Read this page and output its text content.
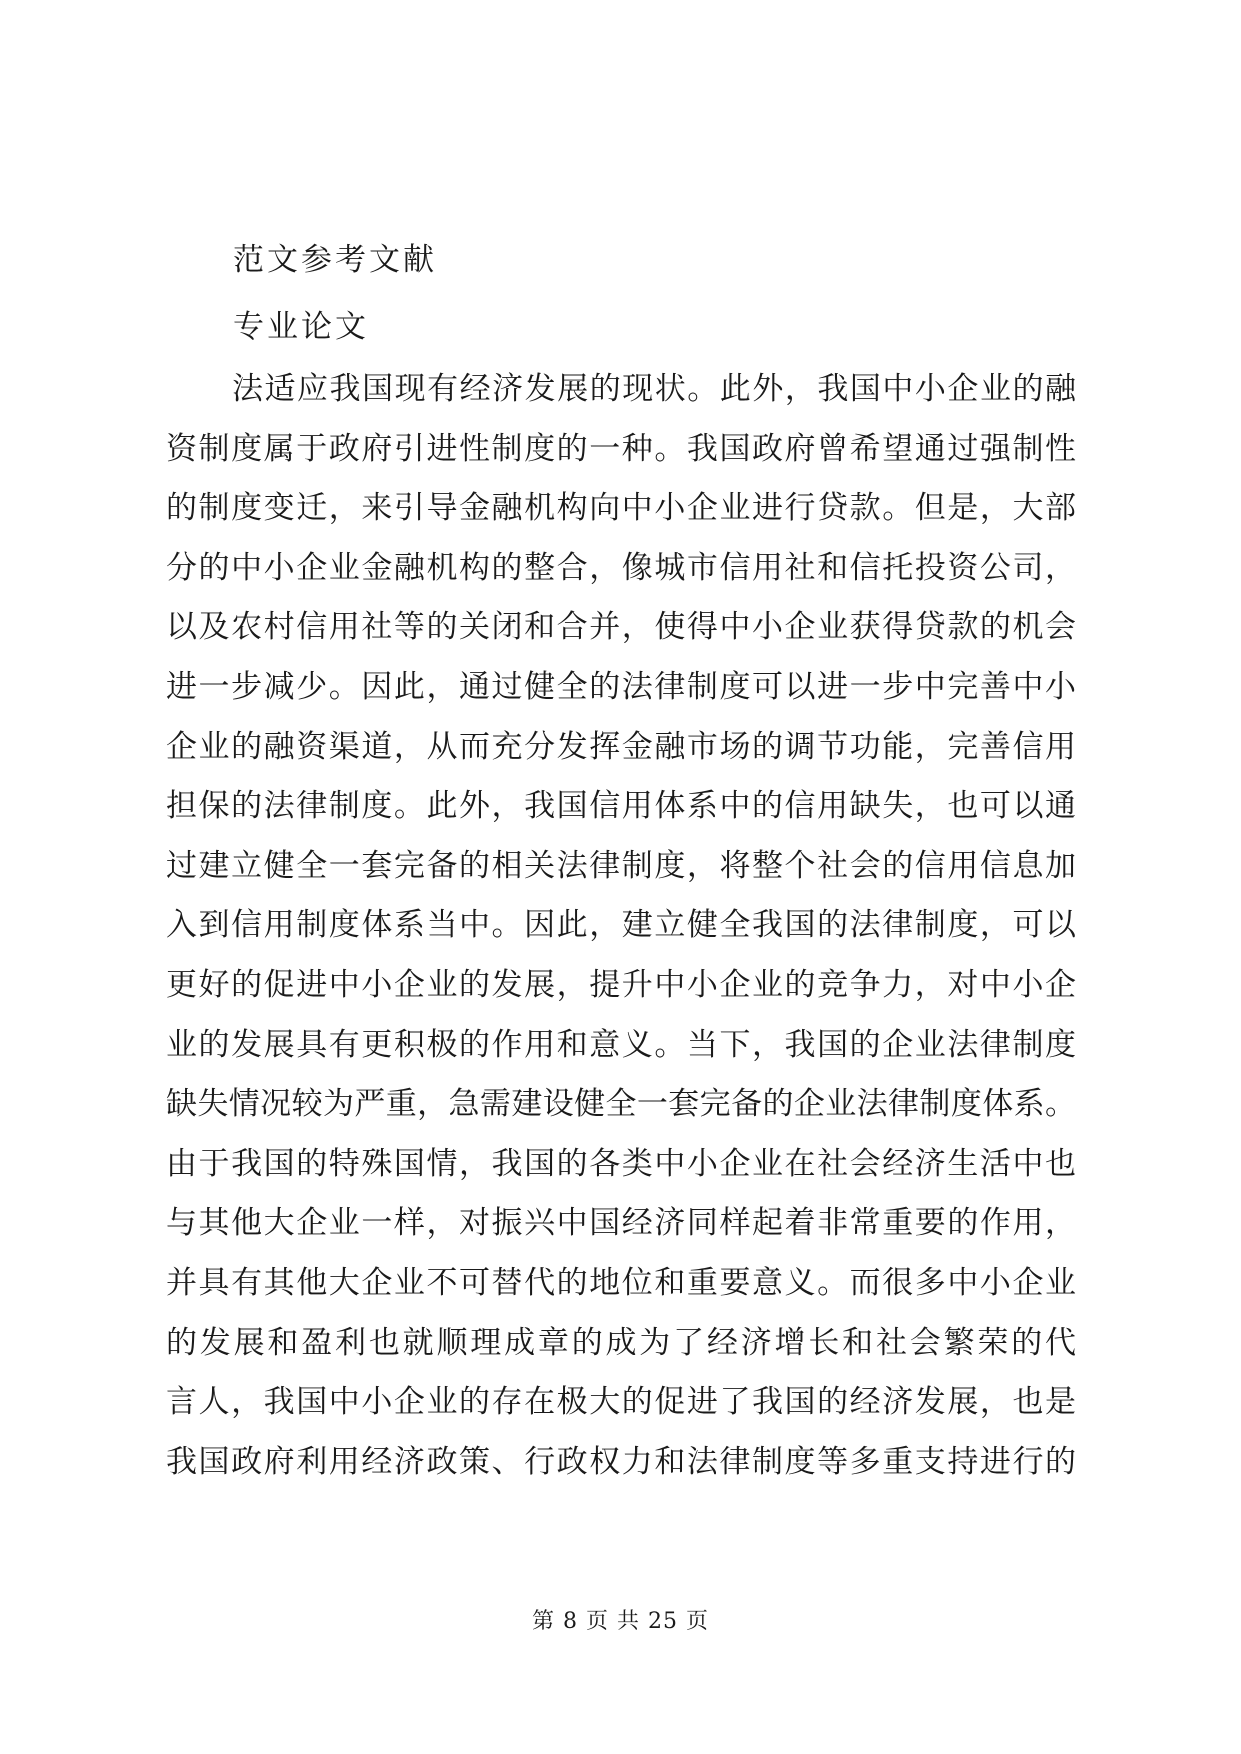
范文参考文献
专业论文
法适应我国现有经济发展的现状。此外，我国中小企业的融
资制度属于政府引进性制度的一种。我国政府曾希望通过强制性
的制度变迁，来引导金融机构向中小企业进行贷款。但是，大部
分的中小企业金融机构的整合，像城市信用社和信托投资公司，
以及农村信用社等的关闭和合并，使得中小企业获得贷款的机会
进一步减少。因此，通过健全的法律制度可以进一步中完善中小
企业的融资渠道，从而充分发挥金融市场的调节功能，完善信用
担保的法律制度。此外，我国信用体系中的信用缺失，也可以通
过建立健全一套完备的相关法律制度，将整个社会的信用信息加
入到信用制度体系当中。因此，建立健全我国的法律制度，可以
更好的促进中小企业的发展，提升中小企业的竞争力，对中小企
业的发展具有更积极的作用和意义。当下，我国的企业法律制度
缺失情况较为严重，急需建设健全一套完备的企业法律制度体系。
由于我国的特殊国情，我国的各类中小企业在社会经济生活中也
与其他大企业一样，对振兴中国经济同样起着非常重要的作用，
并具有其他大企业不可替代的地位和重要意义。而很多中小企业
的发展和盈利也就顺理成章的成为了经济增长和社会繁荣的代
言人，我国中小企业的存在极大的促进了我国的经济发展，也是
我国政府利用经济政策、行政权力和法律制度等多重支持进行的
第 8 页 共 25 页
